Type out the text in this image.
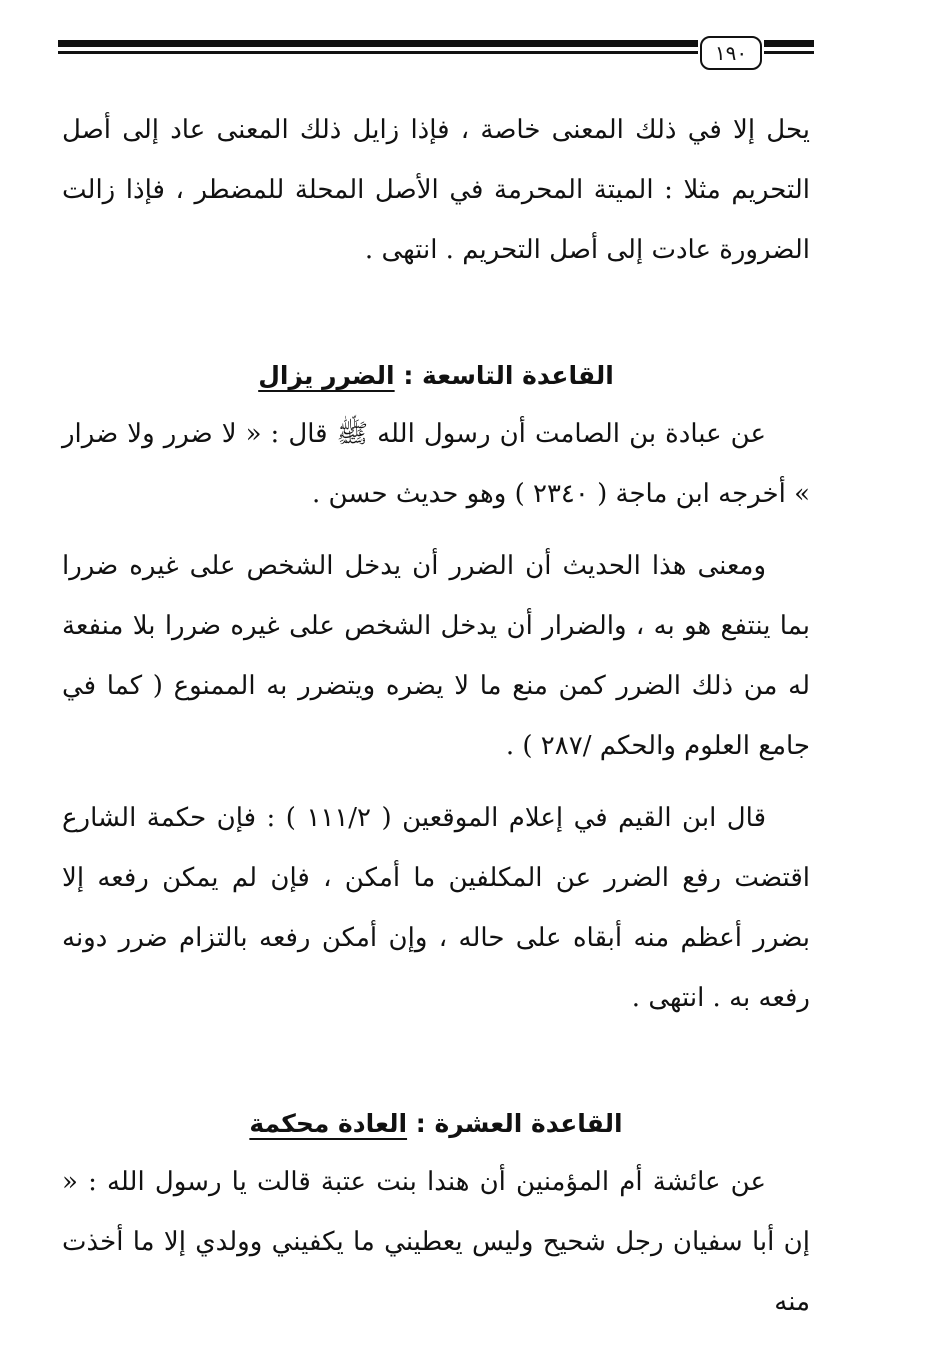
١٩٠

يحل إلا في ذلك المعنى خاصة ، فإذا زايل ذلك المعنى عاد إلى أصل التحريم مثلا : الميتة المحرمة في الأصل المحلة للمضطر ، فإذا زالت الضرورة عادت إلى أصل التحريم . انتهى .

القاعدة التاسعة : الضرر يزال

عن عبادة بن الصامت أن رسول الله ﷺ قال : « لا ضرر ولا ضرار » أخرجه ابن ماجة ( ٢٣٤٠ ) وهو حديث حسن .

ومعنى هذا الحديث أن الضرر أن يدخل الشخص على غيره ضررا بما ينتفع هو به ، والضرار أن يدخل الشخص على غيره ضررا بلا منفعة له من ذلك الضرر كمن منع ما لا يضره ويتضرر به الممنوع ( كما في جامع العلوم والحكم /٢٨٧ ) .

قال ابن القيم في إعلام الموقعين ( ١١١/٢ ) : فإن حكمة الشارع اقتضت رفع الضرر عن المكلفين ما أمكن ، فإن لم يمكن رفعه إلا بضرر أعظم منه أبقاه على حاله ، وإن أمكن رفعه بالتزام ضرر دونه رفعه به . انتهى .

القاعدة العشرة : العادة محكمة

عن عائشة أم المؤمنين أن هندا بنت عتبة قالت يا رسول الله : « إن أبا سفيان رجل شحيح وليس يعطيني ما يكفيني وولدي إلا ما أخذت منه
